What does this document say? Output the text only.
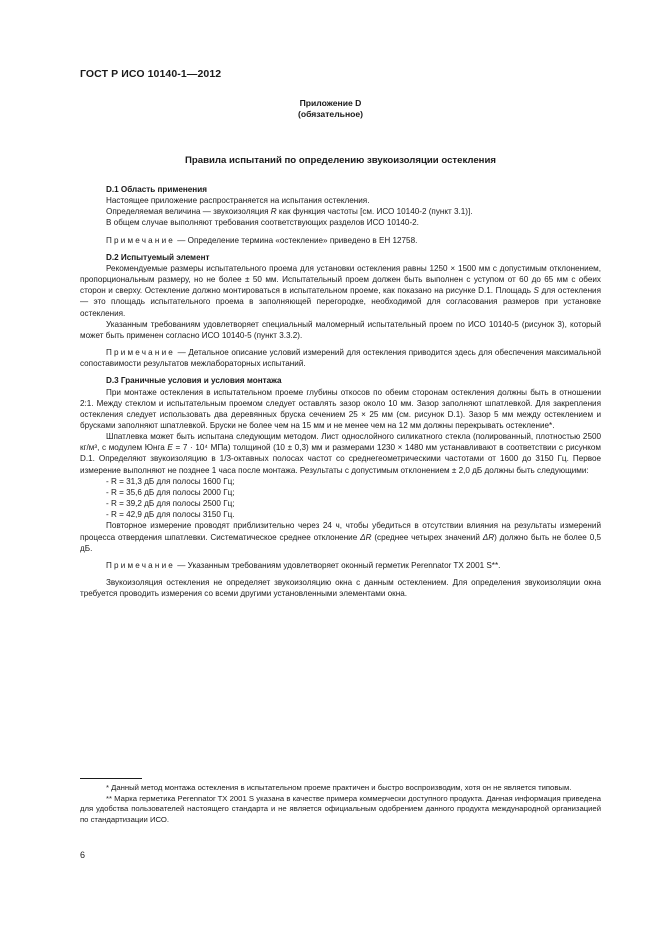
ГОСТ Р ИСО 10140-1—2012
Приложение D
(обязательное)
Правила испытаний по определению звукоизоляции остекления

D.1 Область применения

Настоящее приложение распространяется на испытания остекления.

Определяемая величина — звукоизоляция R как функция частоты [см. ИСО 10140-2 (пункт 3.1)].

В общем случае выполняют требования соответствующих разделов ИСО 10140-2.

Примечание — Определение термина «остекление» приведено в ЕН 12758.

D.2 Испытуемый элемент

Рекомендуемые размеры испытательного проема для установки остекления равны 1250 × 1500 мм с допустимым отклонением, пропорциональным размеру, но не более ± 50 мм. Испытательный проем должен быть выполнен с уступом от 60 до 65 мм с обеих сторон и сверху. Остекление должно монтироваться в испытательном проеме, как показано на рисунке D.1. Площадь S для остекления — это площадь испытательного проема в заполняющей перегородке, необходимой для согласования размеров при установке остекления.

Указанным требованиям удовлетворяет специальный маломерный испытательный проем по ИСО 10140-5 (рисунок 3), который может быть применен согласно ИСО 10140-5 (пункт 3.3.2).

Примечание — Детальное описание условий измерений для остекления приводится здесь для обеспечения максимальной сопоставимости результатов межлабораторных испытаний.

D.3 Граничные условия и условия монтажа

При монтаже остекления в испытательном проеме глубины откосов по обеим сторонам остекления должны быть в отношении 2:1. Между стеклом и испытательным проемом следует оставлять зазор около 10 мм. Зазор заполняют шпатлевкой. Для закрепления остекления следует использовать два деревянных бруска сечением 25 × 25 мм (см. рисунок D.1). Зазор 5 мм между остеклением и брусками заполняют шпатлевкой. Бруски не более чем на 15 мм и не менее чем на 12 мм должны перекрывать остекление*.

Шпатлевка может быть испытана следующим методом. Лист однослойного силикатного стекла (полированный, плотностью 2500 кг/м³, с модулем Юнга E = 7 · 10⁴ МПа) толщиной (10 ± 0,3) мм и размерами 1230 × 1480 мм устанавливают в соответствии с рисунком D.1. Определяют звукоизоляцию в 1/3-октавных полосах частот со среднегеометрическими частотами от 1600 до 3150 Гц. Первое измерение выполняют не позднее 1 часа после монтажа. Результаты с допустимым отклонением ± 2,0 дБ должны быть следующими:

- R = 31,3 дБ для полосы 1600 Гц;

- R = 35,6 дБ для полосы 2000 Гц;

- R = 39,2 дБ для полосы 2500 Гц;

- R = 42,9 дБ для полосы 3150 Гц.

Повторное измерение проводят приблизительно через 24 ч, чтобы убедиться в отсутствии влияния на результаты измерений процесса отвердения шпатлевки. Систематическое среднее отклонение ΔR (среднее четырех значений ΔR) должно быть не более 0,5 дБ.

Примечание — Указанным требованиям удовлетворяет оконный герметик Perennator TX 2001 S**.

Звукоизоляция остекления не определяет звукоизоляцию окна с данным остеклением. Для определения звукоизоляции окна требуется проводить измерения со всеми другими установленными элементами окна.

* Данный метод монтажа остекления в испытательном проеме практичен и быстро воспроизводим, хотя он не является типовым.

** Марка герметика Perennator TX 2001 S указана в качестве примера коммерчески доступного продукта. Данная информация приведена для удобства пользователей настоящего стандарта и не является официальным одобрением данного продукта международной организацией по стандартизации ИСО.

6
